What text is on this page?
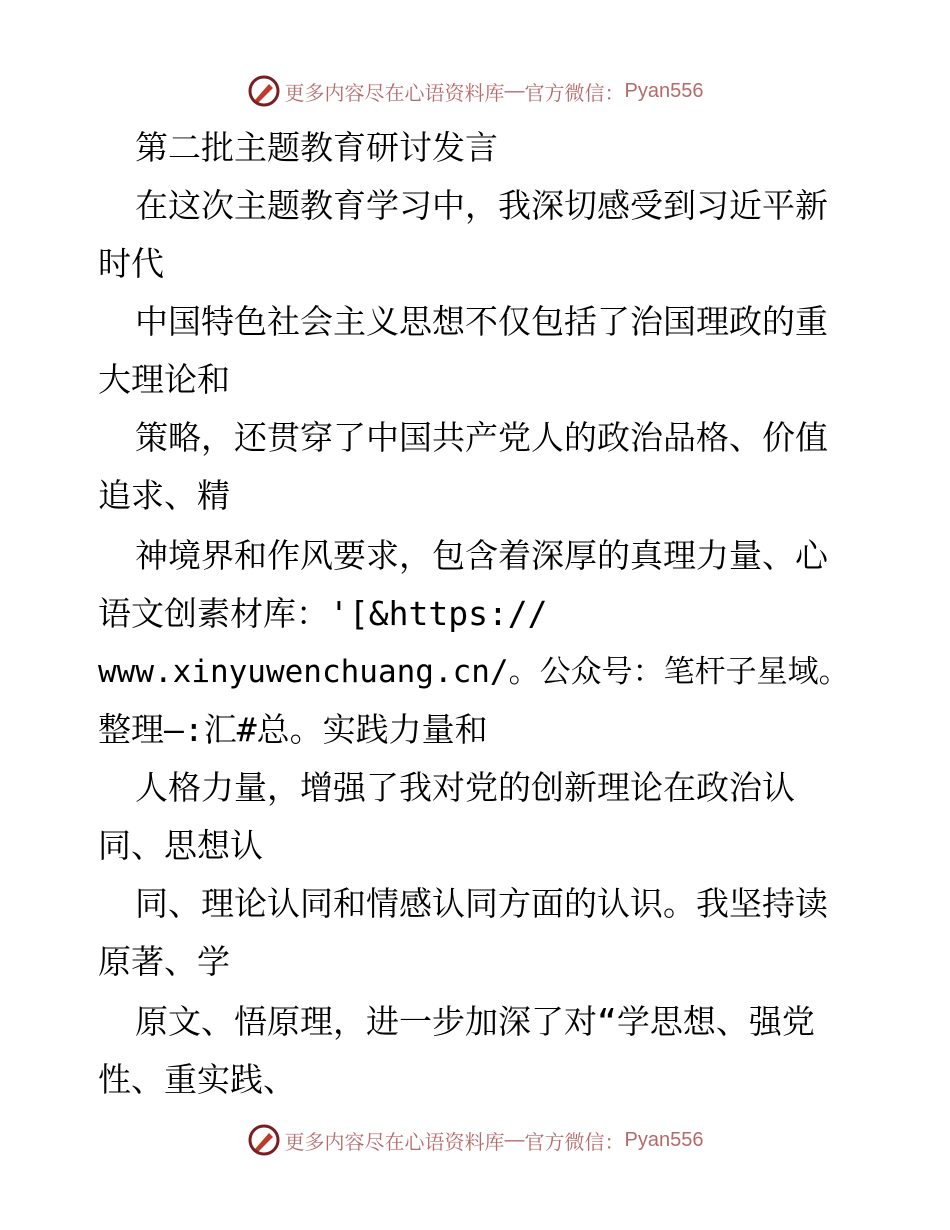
更多内容尽在心语资料库 — 官方微信： Pyan556
第二批主题教育研讨发言
在这次主题教育学习中，我深切感受到习近平新
时代
中国特色社会主义思想不仅包括了治国理政的重
大理论和
策略，还贯穿了中国共产党人的政治品格、价值
追求、精
神境界和作风要求，包含着深厚的真理力量、心
语文创素材库：'[&https://
www.xinyuwenchuang.cn/。公众号：笔杆子星域。
整理—:汇#总。实践力量和
人格力量，增强了我对党的创新理论在政治认
同、思想认
同、理论认同和情感认同方面的认识。我坚持读
原著、学
原文、悟原理，进一步加深了对“学思想、强党
性、重实践、
更多内容尽在心语资料库 — 官方微信： Pyan556
